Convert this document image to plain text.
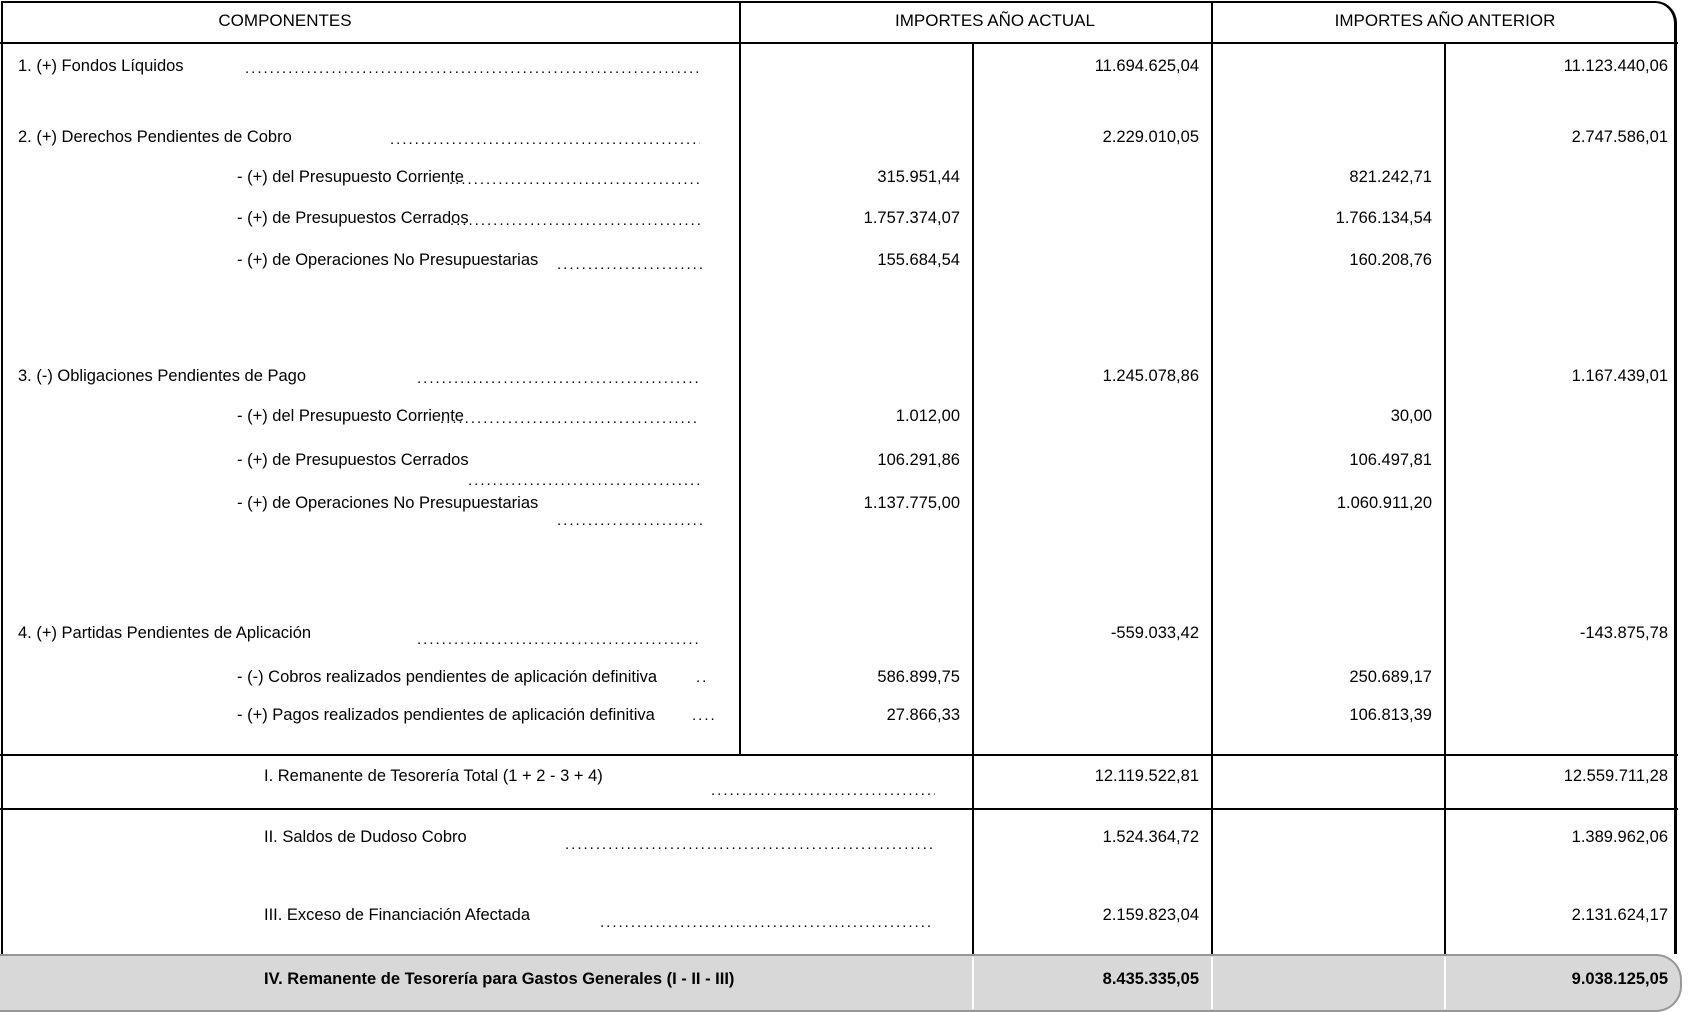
COMPONENTES	IMPORTES AÑO ACTUAL	IMPORTES AÑO ANTERIOR
1. (+) Fondos Líquidos	11.694.625,04	11.123.440,06
2. (+) Derechos Pendientes de Cobro	2.229.010,05	2.747.586,01
- (+) del Presupuesto Corriente	315.951,44	821.242,71
- (+) de Presupuestos Cerrados	1.757.374,07	1.766.134,54
- (+) de Operaciones No Presupuestarias	155.684,54	160.208,76
3. (-) Obligaciones Pendientes de Pago	1.245.078,86	1.167.439,01
- (+) del Presupuesto Corriente	1.012,00	30,00
- (+) de Presupuestos Cerrados	106.291,86	106.497,81
- (+) de Operaciones No Presupuestarias	1.137.775,00	1.060.911,20
4. (+) Partidas Pendientes de Aplicación	-559.033,42	-143.875,78
- (-) Cobros realizados pendientes de aplicación definitiva	586.899,75	250.689,17
- (+) Pagos realizados pendientes de aplicación definitiva	27.866,33	106.813,39
I. Remanente de Tesorería Total (1 + 2 - 3 + 4)	12.119.522,81	12.559.711,28
II. Saldos de Dudoso Cobro	1.524.364,72	1.389.962,06
III. Exceso de Financiación Afectada	2.159.823,04	2.131.624,17
IV. Remanente de Tesorería para Gastos Generales (I - II - III)	8.435.335,05	9.038.125,05
.....
.....
.....
.....
.....
.....
.....
.....
.....
.....
.....
.....
.....
.....
.....
